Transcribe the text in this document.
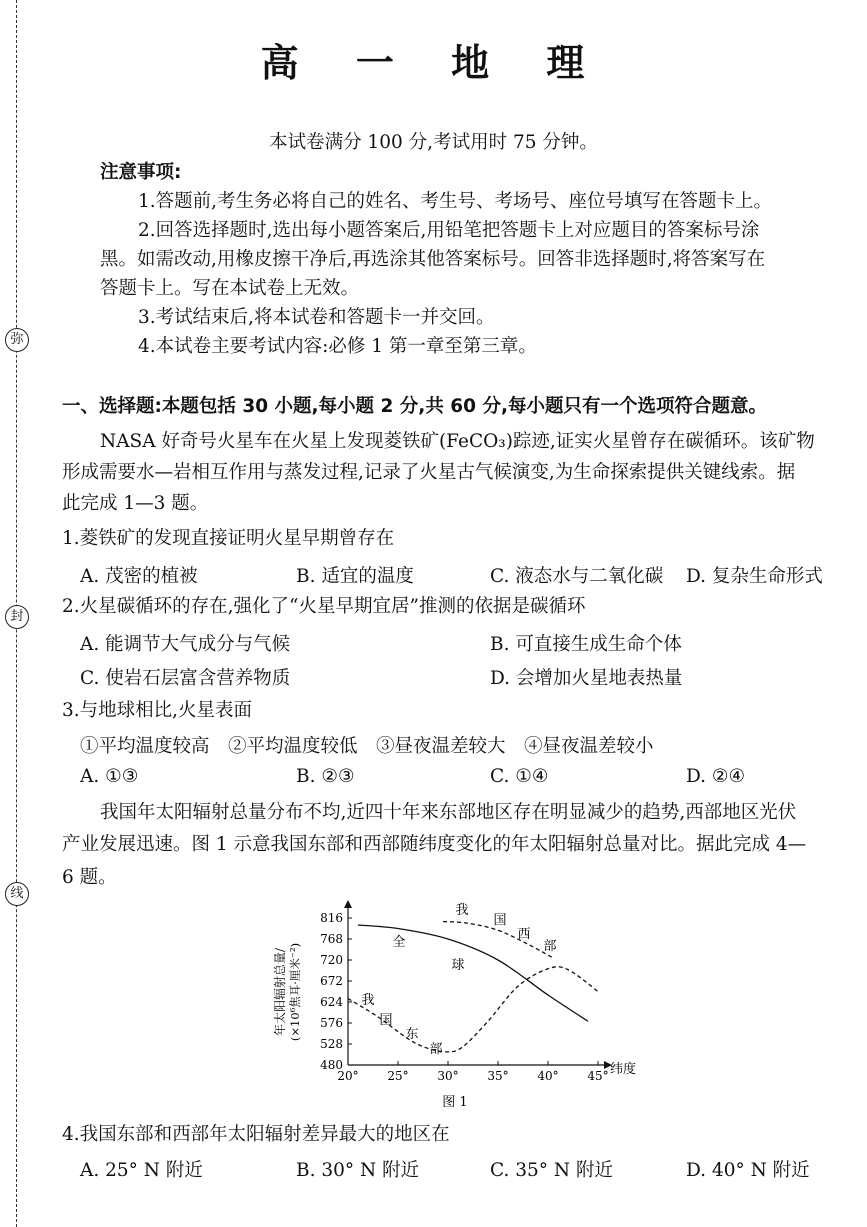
弥
封
线
高 一 地 理
本试卷满分 100 分,考试用时 75 分钟。
注意事项:
1.答题前,考生务必将自己的姓名、考生号、考场号、座位号填写在答题卡上。
2.回答选择题时,选出每小题答案后,用铅笔把答题卡上对应题目的答案标号涂
黑。如需改动,用橡皮擦干净后,再选涂其他答案标号。回答非选择题时,将答案写在
答题卡上。写在本试卷上无效。
3.考试结束后,将本试卷和答题卡一并交回。
4.本试卷主要考试内容:必修 1 第一章至第三章。
一、选择题:本题包括 30 小题,每小题 2 分,共 60 分,每小题只有一个选项符合题意。
NASA 好奇号火星车在火星上发现菱铁矿(FeCO₃)踪迹,证实火星曾存在碳循环。该矿物
形成需要水—岩相互作用与蒸发过程,记录了火星古气候演变,为生命探索提供关键线索。据
此完成 1—3 题。
1.菱铁矿的发现直接证明火星早期曾存在
A. 茂密的植被	B. 适宜的温度	C. 液态水与二氧化碳 D. 复杂生命形式
2.火星碳循环的存在,强化了“火星早期宜居”推测的依据是碳循环
A. 能调节大气成分与气候	B. 可直接生成生命个体
C. 使岩石层富含营养物质	D. 会增加火星地表热量
3.与地球相比,火星表面
①平均温度较高　②平均温度较低　③昼夜温差较大　④昼夜温差较小
A. ①③	B. ②③	C. ①④	D. ②④
我国年太阳辐射总量分布不均,近四十年来东部地区存在明显减少的趋势,西部地区光伏
产业发展迅速。图 1 示意我国东部和西部随纬度变化的年太阳辐射总量对比。据此完成 4—
6 题。
480
528
576
624
672
720
768
816
20° 25° 30° 35° 40° 45°
年太阳辐射总量/ (×10⁶焦耳·厘米⁻²)
全
球
我
国
西
部
我
国
东
部
纬度
图 1
4.我国东部和西部年太阳辐射差异最大的地区在
A. 25° N 附近	B. 30° N 附近	C. 35° N 附近	D. 40° N 附近
